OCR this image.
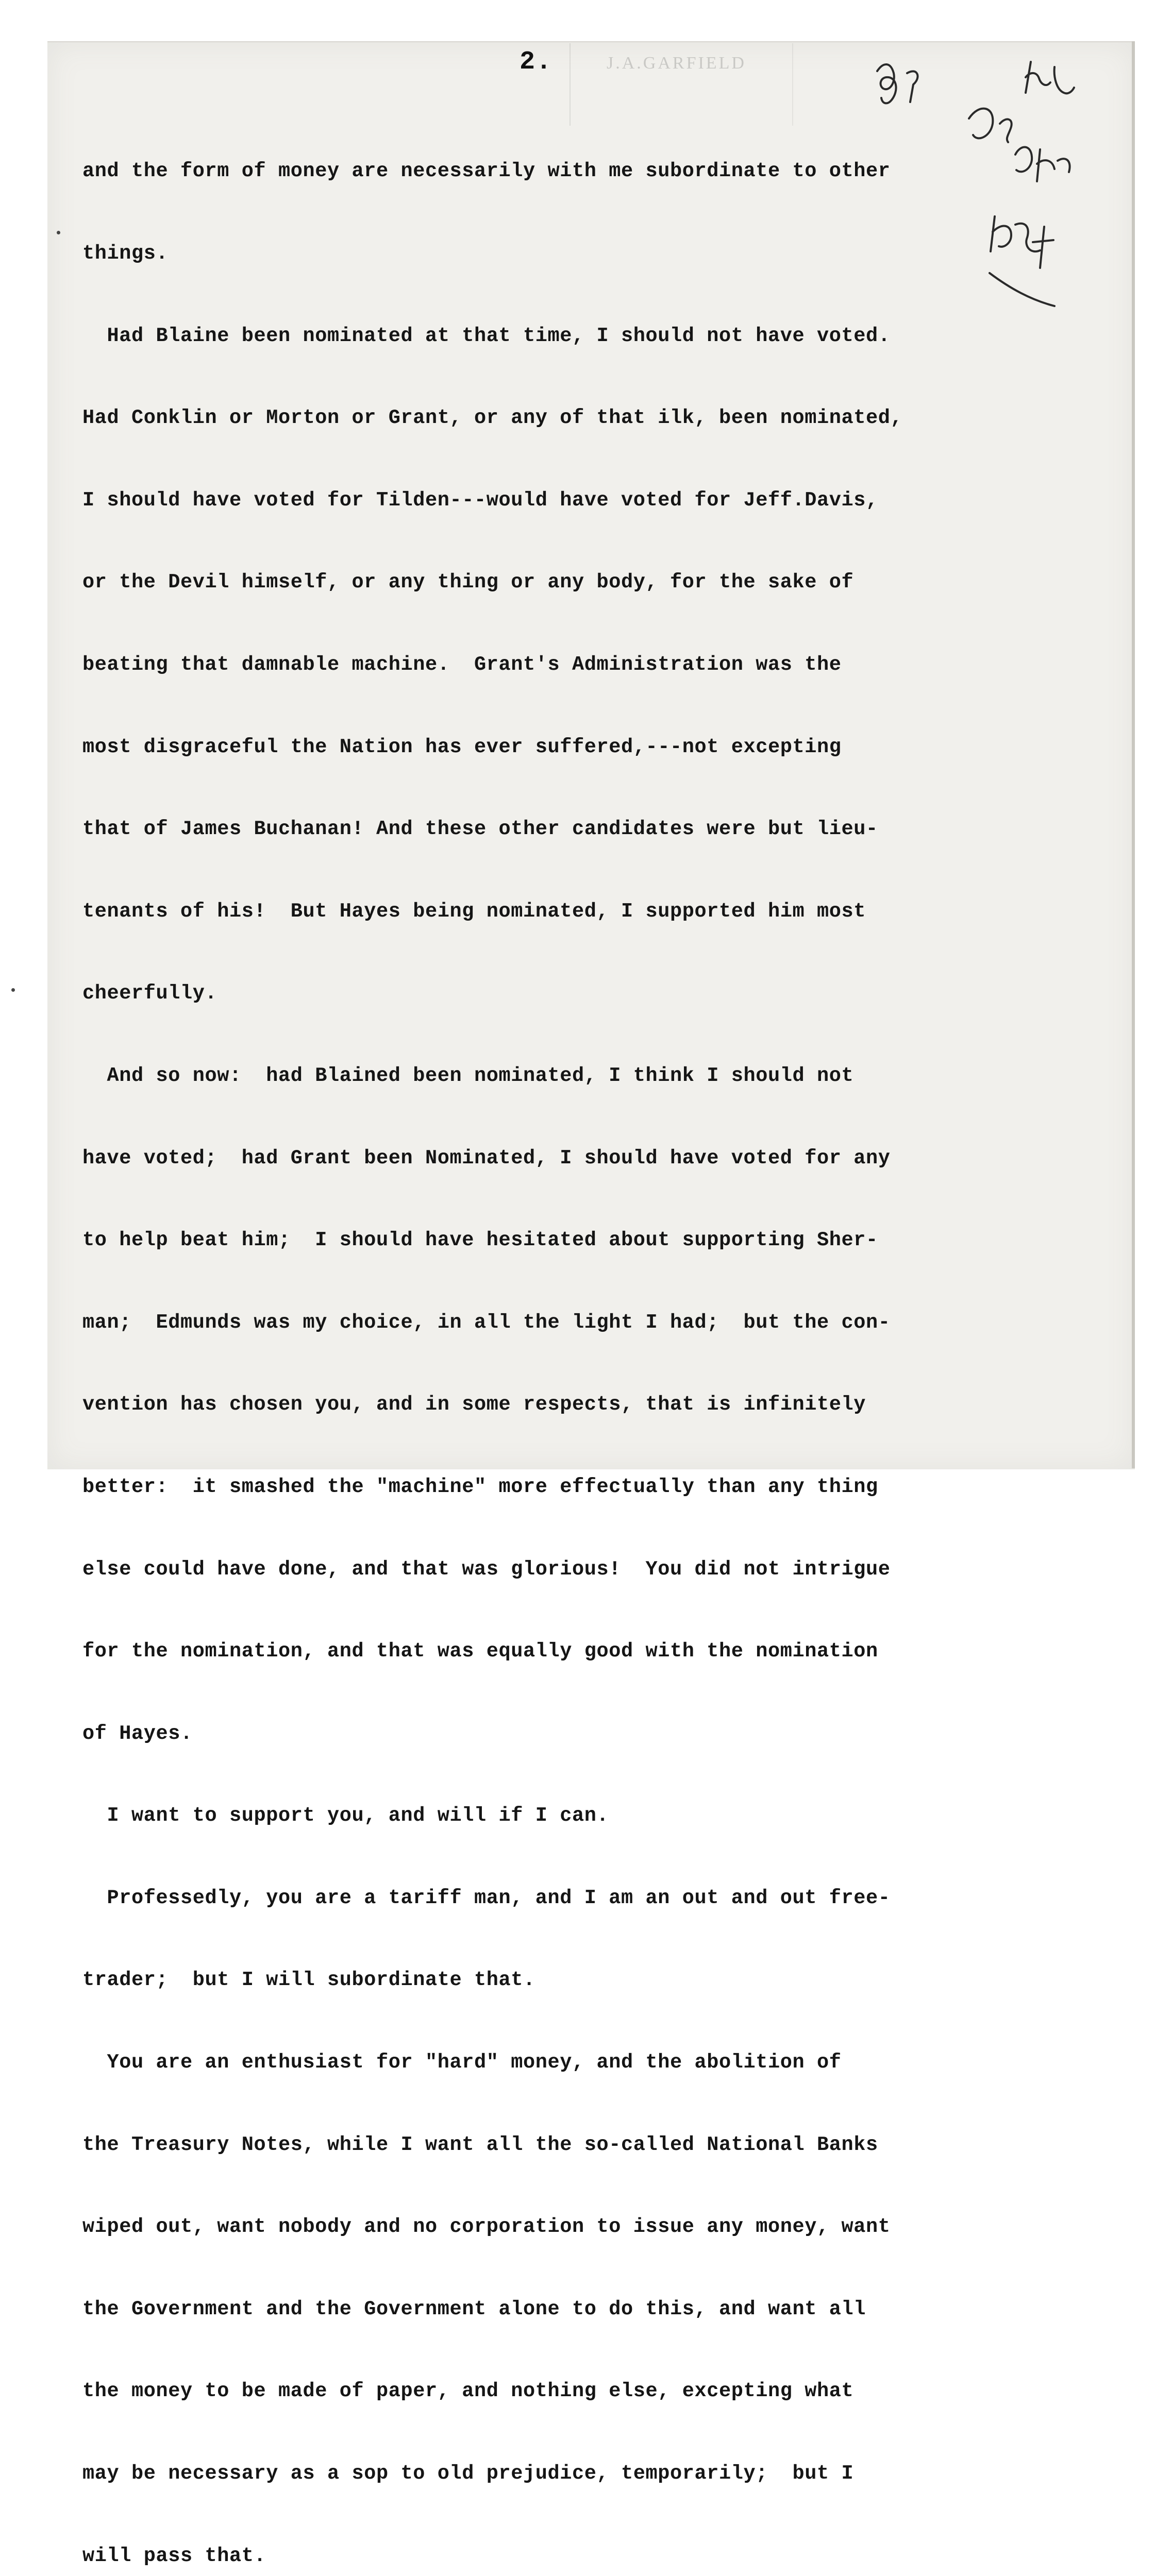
J.A.GARFIELD
2.

and the form of money are necessarily with me subordinate to other

things.

Had Blaine been nominated at that time, I should not have voted.

Had Conklin or Morton or Grant, or any of that ilk, been nominated,

I should have voted for Tilden---would have voted for Jeff.Davis,

or the Devil himself, or any thing or any body, for the sake of

beating that damnable machine.  Grant's Administration was the

most disgraceful the Nation has ever suffered,---not excepting

that of James Buchanan! And these other candidates were but lieu-

tenants of his!  But Hayes being nominated, I supported him most

cheerfully.

And so now:  had Blained been nominated, I think I should not

have voted;  had Grant been Nominated, I should have voted for any

to help beat him;  I should have hesitated about supporting Sher-

man;  Edmunds was my choice, in all the light I had;  but the con-

vention has chosen you, and in some respects, that is infinitely

better:  it smashed the "machine" more effectually than any thing

else could have done, and that was glorious!  You did not intrigue

for the nomination, and that was equally good with the nomination

of Hayes.

I want to support you, and will if I can.

Professedly, you are a tariff man, and I am an out and out free-

trader;  but I will subordinate that.

You are an enthusiast for "hard" money, and the abolition of

the Treasury Notes, while I want all the so-called National Banks

wiped out, want nobody and no corporation to issue any money, want

the Government and the Government alone to do this, and want all

the money to be made of paper, and nothing else, excepting what

may be necessary as a sop to old prejudice, temporarily;  but I

will pass that.
